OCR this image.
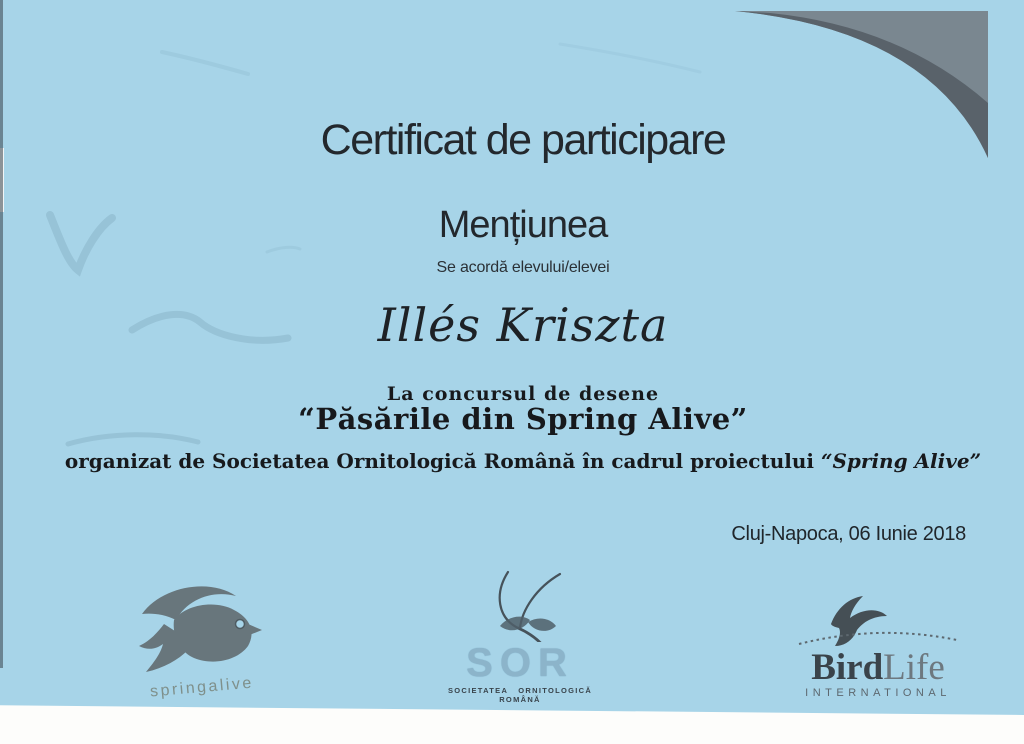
Certificat de participare
Mențiunea
Se acordă elevului/elevei
Illés Kriszta
La concursul de desene
“Păsările din Spring Alive”
organizat de Societatea Ornitologică Română în cadrul proiectului “Spring Alive”
Cluj-Napoca, 06 Iunie 2018
springalive
SOR
SOCIETATEA ORNITOLOGICĂ ROMÂNĂ
BirdLife
INTERNATIONAL
